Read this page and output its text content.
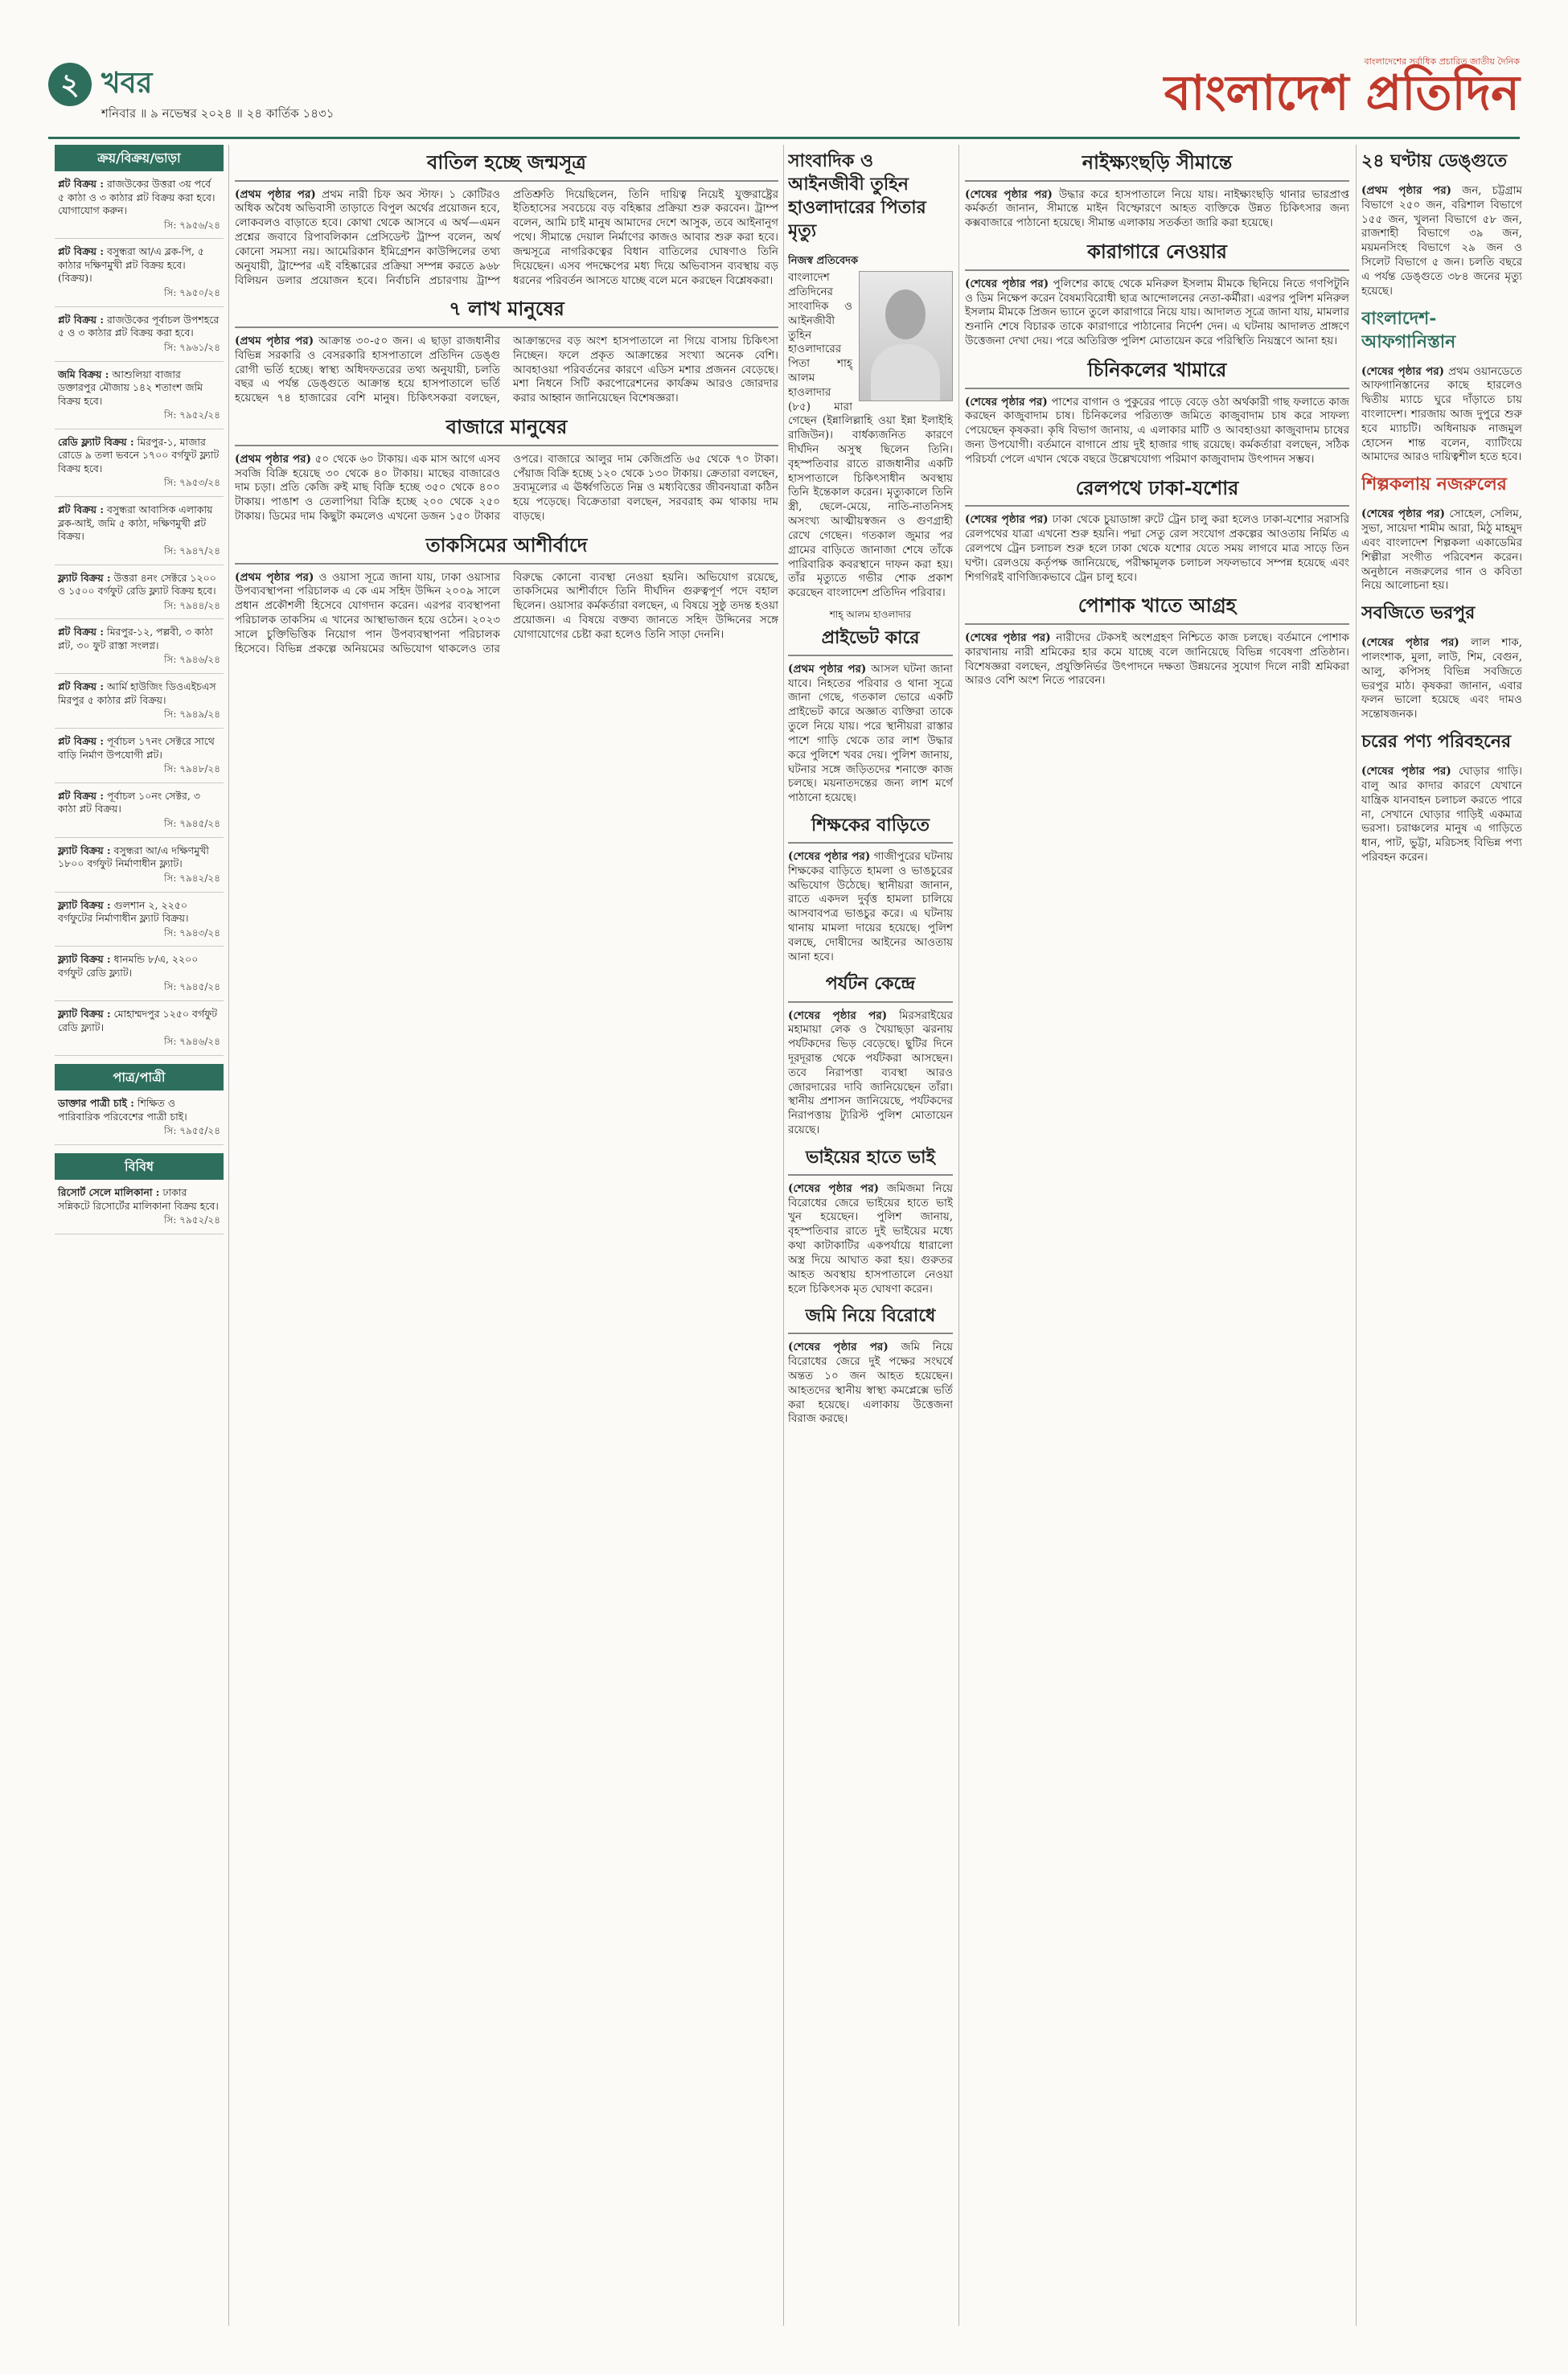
২ খবর
শনিবার ॥ ৯ নভেম্বর ২০২৪ ॥ ২৪ কার্তিক ১৪৩১
বাংলাদেশের সর্বাধিক প্রচারিত জাতীয় দৈনিক
বাংলাদেশ প্রতিদিন
ক্রয়/বিক্রয়/ভাড়া
প্লট বিক্রয় : রাজউকের উত্তরা ৩য় পর্বে ৫ কাঠা ও ৩ কাঠার প্লট বিক্রয় করা হবে। যোগাযোগ করুন।
সি: ৭৯৫৬/২৪
প্লট বিক্রয় : বসুন্ধরা আ/এ ব্লক-পি, ৫ কাঠার দক্ষিণমুখী প্লট বিক্রয় হবে। (বিক্রয়)।
সি: ৭৯৫০/২৪
প্লট বিক্রয় : রাজউকের পূর্বাচল উপশহরে ৫ ও ৩ কাঠার প্লট বিক্রয় করা হবে।
সি: ৭৯৬১/২৪
জমি বিক্রয় : আশুলিয়া বাজার ডক্তারপুর মৌজায় ১৪২ শতাংশ জমি বিক্রয় হবে।
সি: ৭৯৫২/২৪
রেডি ফ্ল্যাট বিক্রয় : মিরপুর-১, মাজার রোডে ৯ তলা ভবনে ১৭০০ বর্গফুট ফ্ল্যাট বিক্রয় হবে।
সি: ৭৯৫৩/২৪
প্লট বিক্রয় : বসুন্ধরা আবাসিক এলাকায় ব্লক-আই, জমি ৫ কাঠা, দক্ষিণমুখী প্লট বিক্রয়।
সি: ৭৯৪৭/২৪
ফ্ল্যাট বিক্রয় : উত্তরা ৪নং সেক্টরে ১২০০ ও ১৫০০ বর্গফুট রেডি ফ্ল্যাট বিক্রয় হবে।
সি: ৭৯৪৪/২৪
প্লট বিক্রয় : মিরপুর-১২, পল্লবী, ৩ কাঠা প্লট, ৩০ ফুট রাস্তা সংলগ্ন।
সি: ৭৯৪৬/২৪
প্লট বিক্রয় : আর্মি হাউজিং ডিওএইচএস মিরপুর ৫ কাঠার প্লট বিক্রয়।
সি: ৭৯৪৯/২৪
প্লট বিক্রয় : পূর্বাচল ১৭নং সেক্টরে সাথে বাড়ি নির্মাণ উপযোগী প্লট।
সি: ৭৯৪৮/২৪
প্লট বিক্রয় : পূর্বাচল ১০নং সেক্টর, ৩ কাঠা প্লট বিক্রয়।
সি: ৭৯৪৫/২৪
ফ্ল্যাট বিক্রয় : বসুন্ধরা আ/এ দক্ষিণমুখী ১৮০০ বর্গফুট নির্মাণাধীন ফ্ল্যাট।
সি: ৭৯৪২/২৪
ফ্ল্যাট বিক্রয় : গুলশান ২, ২২৫০ বর্গফুটের নির্মাণাধীন ফ্ল্যাট বিক্রয়।
সি: ৭৯৪৩/২৪
ফ্ল্যাট বিক্রয় : ধানমন্ডি ৮/এ, ২২০০ বর্গফুট রেডি ফ্ল্যাট।
সি: ৭৯৪৫/২৪
ফ্ল্যাট বিক্রয় : মোহাম্মদপুর ১২৫০ বর্গফুট রেডি ফ্ল্যাট।
সি: ৭৯৪৬/২৪
পাত্র/পাত্রী
ডাক্তার পাত্রী চাই : শিক্ষিত ও পারিবারিক পরিবেশের পাত্রী চাই।
সি: ৭৯৫৫/২৪
বিবিধ
রিসোর্ট সেলে মালিকানা : ঢাকার সন্নিকটে রিসোর্টের মালিকানা বিক্রয় হবে।
সি: ৭৯৫২/২৪
বাতিল হচ্ছে জন্মসূত্র

(প্রথম পৃষ্ঠার পর) প্রথম নারী চিফ অব স্টাফ। ১ কোটিরও অধিক অবৈধ অভিবাসী তাড়াতে বিপুল অর্থের প্রয়োজন হবে, লোকবলও বাড়াতে হবে। কোথা থেকে আসবে এ অর্থ—এমন প্রশ্নের জবাবে রিপাবলিকান প্রেসিডেন্ট ট্রাম্প বলেন, অর্থ কোনো সমস্যা নয়। আমেরিকান ইমিগ্রেশন কাউন্সিলের তথ্য অনুযায়ী, ট্রাম্পের এই বহিষ্কারের প্রক্রিয়া সম্পন্ন করতে ৯৬৮ বিলিয়ন ডলার প্রয়োজন হবে। নির্বাচনি প্রচারণায় ট্রাম্প প্রতিশ্রুতি দিয়েছিলেন, তিনি দায়িত্ব নিয়েই যুক্তরাষ্ট্রের ইতিহাসের সবচেয়ে বড় বহিষ্কার প্রক্রিয়া শুরু করবেন। ট্রাম্প বলেন, আমি চাই মানুষ আমাদের দেশে আসুক, তবে আইনানুগ পথে। সীমান্তে দেয়াল নির্মাণের কাজও আবার শুরু করা হবে। জন্মসূত্রে নাগরিকত্বের বিধান বাতিলের ঘোষণাও তিনি দিয়েছেন। এসব পদক্ষেপের মধ্য দিয়ে অভিবাসন ব্যবস্থায় বড় ধরনের পরিবর্তন আসতে যাচ্ছে বলে মনে করছেন বিশ্লেষকরা।

৭ লাখ মানুষের

(প্রথম পৃষ্ঠার পর) আক্রান্ত ৩০-৫০ জন। এ ছাড়া রাজধানীর বিভিন্ন সরকারি ও বেসরকারি হাসপাতালে প্রতিদিন ডেঙ্গু রোগী ভর্তি হচ্ছে। স্বাস্থ্য অধিদফতরের তথ্য অনুযায়ী, চলতি বছর এ পর্যন্ত ডেঙ্গুতে আক্রান্ত হয়ে হাসপাতালে ভর্তি হয়েছেন ৭৪ হাজারের বেশি মানুষ। চিকিৎসকরা বলছেন, আক্রান্তদের বড় অংশ হাসপাতালে না গিয়ে বাসায় চিকিৎসা নিচ্ছেন। ফলে প্রকৃত আক্রান্তের সংখ্যা অনেক বেশি। আবহাওয়া পরিবর্তনের কারণে এডিস মশার প্রজনন বেড়েছে। মশা নিধনে সিটি করপোরেশনের কার্যক্রম আরও জোরদার করার আহ্বান জানিয়েছেন বিশেষজ্ঞরা।

বাজারে মানুষের

(প্রথম পৃষ্ঠার পর) ৫০ থেকে ৬০ টাকায়। এক মাস আগে এসব সবজি বিক্রি হয়েছে ৩০ থেকে ৪০ টাকায়। মাছের বাজারেও দাম চড়া। প্রতি কেজি রুই মাছ বিক্রি হচ্ছে ৩৫০ থেকে ৪০০ টাকায়। পাঙাশ ও তেলাপিয়া বিক্রি হচ্ছে ২০০ থেকে ২৫০ টাকায়। ডিমের দাম কিছুটা কমলেও এখনো ডজন ১৫০ টাকার ওপরে। বাজারে আলুর দাম কেজিপ্রতি ৬৫ থেকে ৭০ টাকা। পেঁয়াজ বিক্রি হচ্ছে ১২০ থেকে ১৩০ টাকায়। ক্রেতারা বলছেন, দ্রব্যমূল্যের এ ঊর্ধ্বগতিতে নিম্ন ও মধ্যবিত্তের জীবনযাত্রা কঠিন হয়ে পড়েছে। বিক্রেতারা বলছেন, সরবরাহ কম থাকায় দাম বাড়ছে।

তাকসিমের আশীর্বাদে

(প্রথম পৃষ্ঠার পর) ও ওয়াসা সূত্রে জানা যায়, ঢাকা ওয়াসার উপব্যবস্থাপনা পরিচালক এ কে এম সহিদ উদ্দিন ২০০৯ সালে প্রধান প্রকৌশলী হিসেবে যোগদান করেন। এরপর ব্যবস্থাপনা পরিচালক তাকসিম এ খানের আস্থাভাজন হয়ে ওঠেন। ২০২৩ সালে চুক্তিভিত্তিক নিয়োগ পান উপব্যবস্থাপনা পরিচালক হিসেবে। বিভিন্ন প্রকল্পে অনিয়মের অভিযোগ থাকলেও তার বিরুদ্ধে কোনো ব্যবস্থা নেওয়া হয়নি। অভিযোগ রয়েছে, তাকসিমের আশীর্বাদে তিনি দীর্ঘদিন গুরুত্বপূর্ণ পদে বহাল ছিলেন। ওয়াসার কর্মকর্তারা বলছেন, এ বিষয়ে সুষ্ঠু তদন্ত হওয়া প্রয়োজন। এ বিষয়ে বক্তব্য জানতে সহিদ উদ্দিনের সঙ্গে যোগাযোগের চেষ্টা করা হলেও তিনি সাড়া দেননি।

সাংবাদিক ও আইনজীবী তুহিন হাওলাদারের পিতার মৃত্যু
নিজস্ব প্রতিবেদক

বাংলাদেশ প্রতিদিনের সাংবাদিক ও আইনজীবী তুহিন হাওলাদারের পিতা শাহ্‌ আলম হাওলাদার (৮৫) মারা গেছেন (ইন্নালিল্লাহি ওয়া ইন্না ইলাইহি রাজিউন)। বার্ধক্যজনিত কারণে দীর্ঘদিন অসুস্থ ছিলেন তিনি। বৃহস্পতিবার রাতে রাজধানীর একটি হাসপাতালে চিকিৎসাধীন অবস্থায় তিনি ইন্তেকাল করেন। মৃত্যুকালে তিনি স্ত্রী, ছেলে-মেয়ে, নাতি-নাতনিসহ অসংখ্য আত্মীয়স্বজন ও গুণগ্রাহী রেখে গেছেন। গতকাল জুমার পর গ্রামের বাড়িতে জানাজা শেষে তাঁকে পারিবারিক কবরস্থানে দাফন করা হয়। তাঁর মৃত্যুতে গভীর শোক প্রকাশ করেছেন বাংলাদেশ প্রতিদিন পরিবার।

শাহ্‌ আলম হাওলাদার
প্রাইভেট কারে

(প্রথম পৃষ্ঠার পর) আসল ঘটনা জানা যাবে। নিহতের পরিবার ও থানা সূত্রে জানা গেছে, গতকাল ভোরে একটি প্রাইভেট কারে অজ্ঞাত ব্যক্তিরা তাকে তুলে নিয়ে যায়। পরে স্থানীয়রা রাস্তার পাশে গাড়ি থেকে তার লাশ উদ্ধার করে পুলিশে খবর দেয়। পুলিশ জানায়, ঘটনার সঙ্গে জড়িতদের শনাক্তে কাজ চলছে। ময়নাতদন্তের জন্য লাশ মর্গে পাঠানো হয়েছে।

শিক্ষকের বাড়িতে

(শেষের পৃষ্ঠার পর) গাজীপুরের ঘটনায় শিক্ষকের বাড়িতে হামলা ও ভাঙচুরের অভিযোগ উঠেছে। স্থানীয়রা জানান, রাতে একদল দুর্বৃত্ত হামলা চালিয়ে আসবাবপত্র ভাঙচুর করে। এ ঘটনায় থানায় মামলা দায়ের হয়েছে। পুলিশ বলছে, দোষীদের আইনের আওতায় আনা হবে।

পর্যটন কেন্দ্রে

(শেষের পৃষ্ঠার পর) মিরসরাইয়ের মহামায়া লেক ও খৈয়াছড়া ঝরনায় পর্যটকদের ভিড় বেড়েছে। ছুটির দিনে দূরদূরান্ত থেকে পর্যটকরা আসছেন। তবে নিরাপত্তা ব্যবস্থা আরও জোরদারের দাবি জানিয়েছেন তাঁরা। স্থানীয় প্রশাসন জানিয়েছে, পর্যটকদের নিরাপত্তায় ট্যুরিস্ট পুলিশ মোতায়েন রয়েছে।

ভাইয়ের হাতে ভাই

(শেষের পৃষ্ঠার পর) জমিজমা নিয়ে বিরোধের জেরে ভাইয়ের হাতে ভাই খুন হয়েছেন। পুলিশ জানায়, বৃহস্পতিবার রাতে দুই ভাইয়ের মধ্যে কথা কাটাকাটির একপর্যায়ে ধারালো অস্ত্র দিয়ে আঘাত করা হয়। গুরুতর আহত অবস্থায় হাসপাতালে নেওয়া হলে চিকিৎসক মৃত ঘোষণা করেন।

জমি নিয়ে বিরোধে

(শেষের পৃষ্ঠার পর) জমি নিয়ে বিরোধের জেরে দুই পক্ষের সংঘর্ষে অন্তত ১০ জন আহত হয়েছেন। আহতদের স্থানীয় স্বাস্থ্য কমপ্লেক্সে ভর্তি করা হয়েছে। এলাকায় উত্তেজনা বিরাজ করছে।

নাইক্ষ্যংছড়ি সীমান্তে

(শেষের পৃষ্ঠার পর) উদ্ধার করে হাসপাতালে নিয়ে যায়। নাইক্ষ্যংছড়ি থানার ভারপ্রাপ্ত কর্মকর্তা জানান, সীমান্তে মাইন বিস্ফোরণে আহত ব্যক্তিকে উন্নত চিকিৎসার জন্য কক্সবাজারে পাঠানো হয়েছে। সীমান্ত এলাকায় সতর্কতা জারি করা হয়েছে।

কারাগারে নেওয়ার

(শেষের পৃষ্ঠার পর) পুলিশের কাছে থেকে মনিরুল ইসলাম মীমকে ছিনিয়ে নিতে গণপিটুনি ও ডিম নিক্ষেপ করেন বৈষম্যবিরোধী ছাত্র আন্দোলনের নেতা-কর্মীরা। এরপর পুলিশ মনিরুল ইসলাম মীমকে প্রিজন ভ্যানে তুলে কারাগারে নিয়ে যায়। আদালত সূত্রে জানা যায়, মামলার শুনানি শেষে বিচারক তাকে কারাগারে পাঠানোর নির্দেশ দেন। এ ঘটনায় আদালত প্রাঙ্গণে উত্তেজনা দেখা দেয়। পরে অতিরিক্ত পুলিশ মোতায়েন করে পরিস্থিতি নিয়ন্ত্রণে আনা হয়।

চিনিকলের খামারে

(শেষের পৃষ্ঠার পর) পাশের বাগান ও পুকুরের পাড়ে বেড়ে ওঠা অর্থকারী গাছ ফলাতে কাজ করছেন কাজুবাদাম চাষ। চিনিকলের পরিত্যক্ত জমিতে কাজুবাদাম চাষ করে সাফল্য পেয়েছেন কৃষকরা। কৃষি বিভাগ জানায়, এ এলাকার মাটি ও আবহাওয়া কাজুবাদাম চাষের জন্য উপযোগী। বর্তমানে বাগানে প্রায় দুই হাজার গাছ রয়েছে। কর্মকর্তারা বলছেন, সঠিক পরিচর্যা পেলে এখান থেকে বছরে উল্লেখযোগ্য পরিমাণ কাজুবাদাম উৎপাদন সম্ভব।

রেলপথে ঢাকা-যশোর

(শেষের পৃষ্ঠার পর) ঢাকা থেকে চুয়াডাঙ্গা রুটে ট্রেন চালু করা হলেও ঢাকা-যশোর সরাসরি রেলপথের যাত্রা এখনো শুরু হয়নি। পদ্মা সেতু রেল সংযোগ প্রকল্পের আওতায় নির্মিত এ রেলপথে ট্রেন চলাচল শুরু হলে ঢাকা থেকে যশোর যেতে সময় লাগবে মাত্র সাড়ে তিন ঘণ্টা। রেলওয়ে কর্তৃপক্ষ জানিয়েছে, পরীক্ষামূলক চলাচল সফলভাবে সম্পন্ন হয়েছে এবং শিগগিরই বাণিজ্যিকভাবে ট্রেন চালু হবে।

পোশাক খাতে আগ্রহ

(শেষের পৃষ্ঠার পর) নারীদের টেকসই অংশগ্রহণ নিশ্চিতে কাজ চলছে। বর্তমানে পোশাক কারখানায় নারী শ্রমিকের হার কমে যাচ্ছে বলে জানিয়েছে বিভিন্ন গবেষণা প্রতিষ্ঠান। বিশেষজ্ঞরা বলছেন, প্রযুক্তিনির্ভর উৎপাদনে দক্ষতা উন্নয়নের সুযোগ দিলে নারী শ্রমিকরা আরও বেশি অংশ নিতে পারবেন।

২৪ ঘণ্টায় ডেঙ্গুতে

(প্রথম পৃষ্ঠার পর) জন, চট্টগ্রাম বিভাগে ২৫০ জন, বরিশাল বিভাগে ১৫৫ জন, খুলনা বিভাগে ৫৮ জন, রাজশাহী বিভাগে ৩৯ জন, ময়মনসিংহ বিভাগে ২৯ জন ও সিলেট বিভাগে ৫ জন। চলতি বছরে এ পর্যন্ত ডেঙ্গুতে ৩৮৪ জনের মৃত্যু হয়েছে।

বাংলাদেশ-আফগানিস্তান

(শেষের পৃষ্ঠার পর) প্রথম ওয়ানডেতে আফগানিস্তানের কাছে হারলেও দ্বিতীয় ম্যাচে ঘুরে দাঁড়াতে চায় বাংলাদেশ। শারজায় আজ দুপুরে শুরু হবে ম্যাচটি। অধিনায়ক নাজমুল হোসেন শান্ত বলেন, ব্যাটিংয়ে আমাদের আরও দায়িত্বশীল হতে হবে।

শিল্পকলায় নজরুলের

(শেষের পৃষ্ঠার পর) সোহেল, সেলিম, সুভা, সায়েদা শামীম আরা, মিঠু মাহমুদ এবং বাংলাদেশ শিল্পকলা একাডেমির শিল্পীরা সংগীত পরিবেশন করেন। অনুষ্ঠানে নজরুলের গান ও কবিতা নিয়ে আলোচনা হয়।

সবজিতে ভরপুর

(শেষের পৃষ্ঠার পর) লাল শাক, পালংশাক, মুলা, লাউ, শিম, বেগুন, আলু, কপিসহ বিভিন্ন সবজিতে ভরপুর মাঠ। কৃষকরা জানান, এবার ফলন ভালো হয়েছে এবং দামও সন্তোষজনক।

চরের পণ্য পরিবহনের

(শেষের পৃষ্ঠার পর) ঘোড়ার গাড়ি। বালু আর কাদার কারণে যেখানে যান্ত্রিক যানবাহন চলাচল করতে পারে না, সেখানে ঘোড়ার গাড়িই একমাত্র ভরসা। চরাঞ্চলের মানুষ এ গাড়িতে ধান, পাট, ভুট্টা, মরিচসহ বিভিন্ন পণ্য পরিবহন করেন।
